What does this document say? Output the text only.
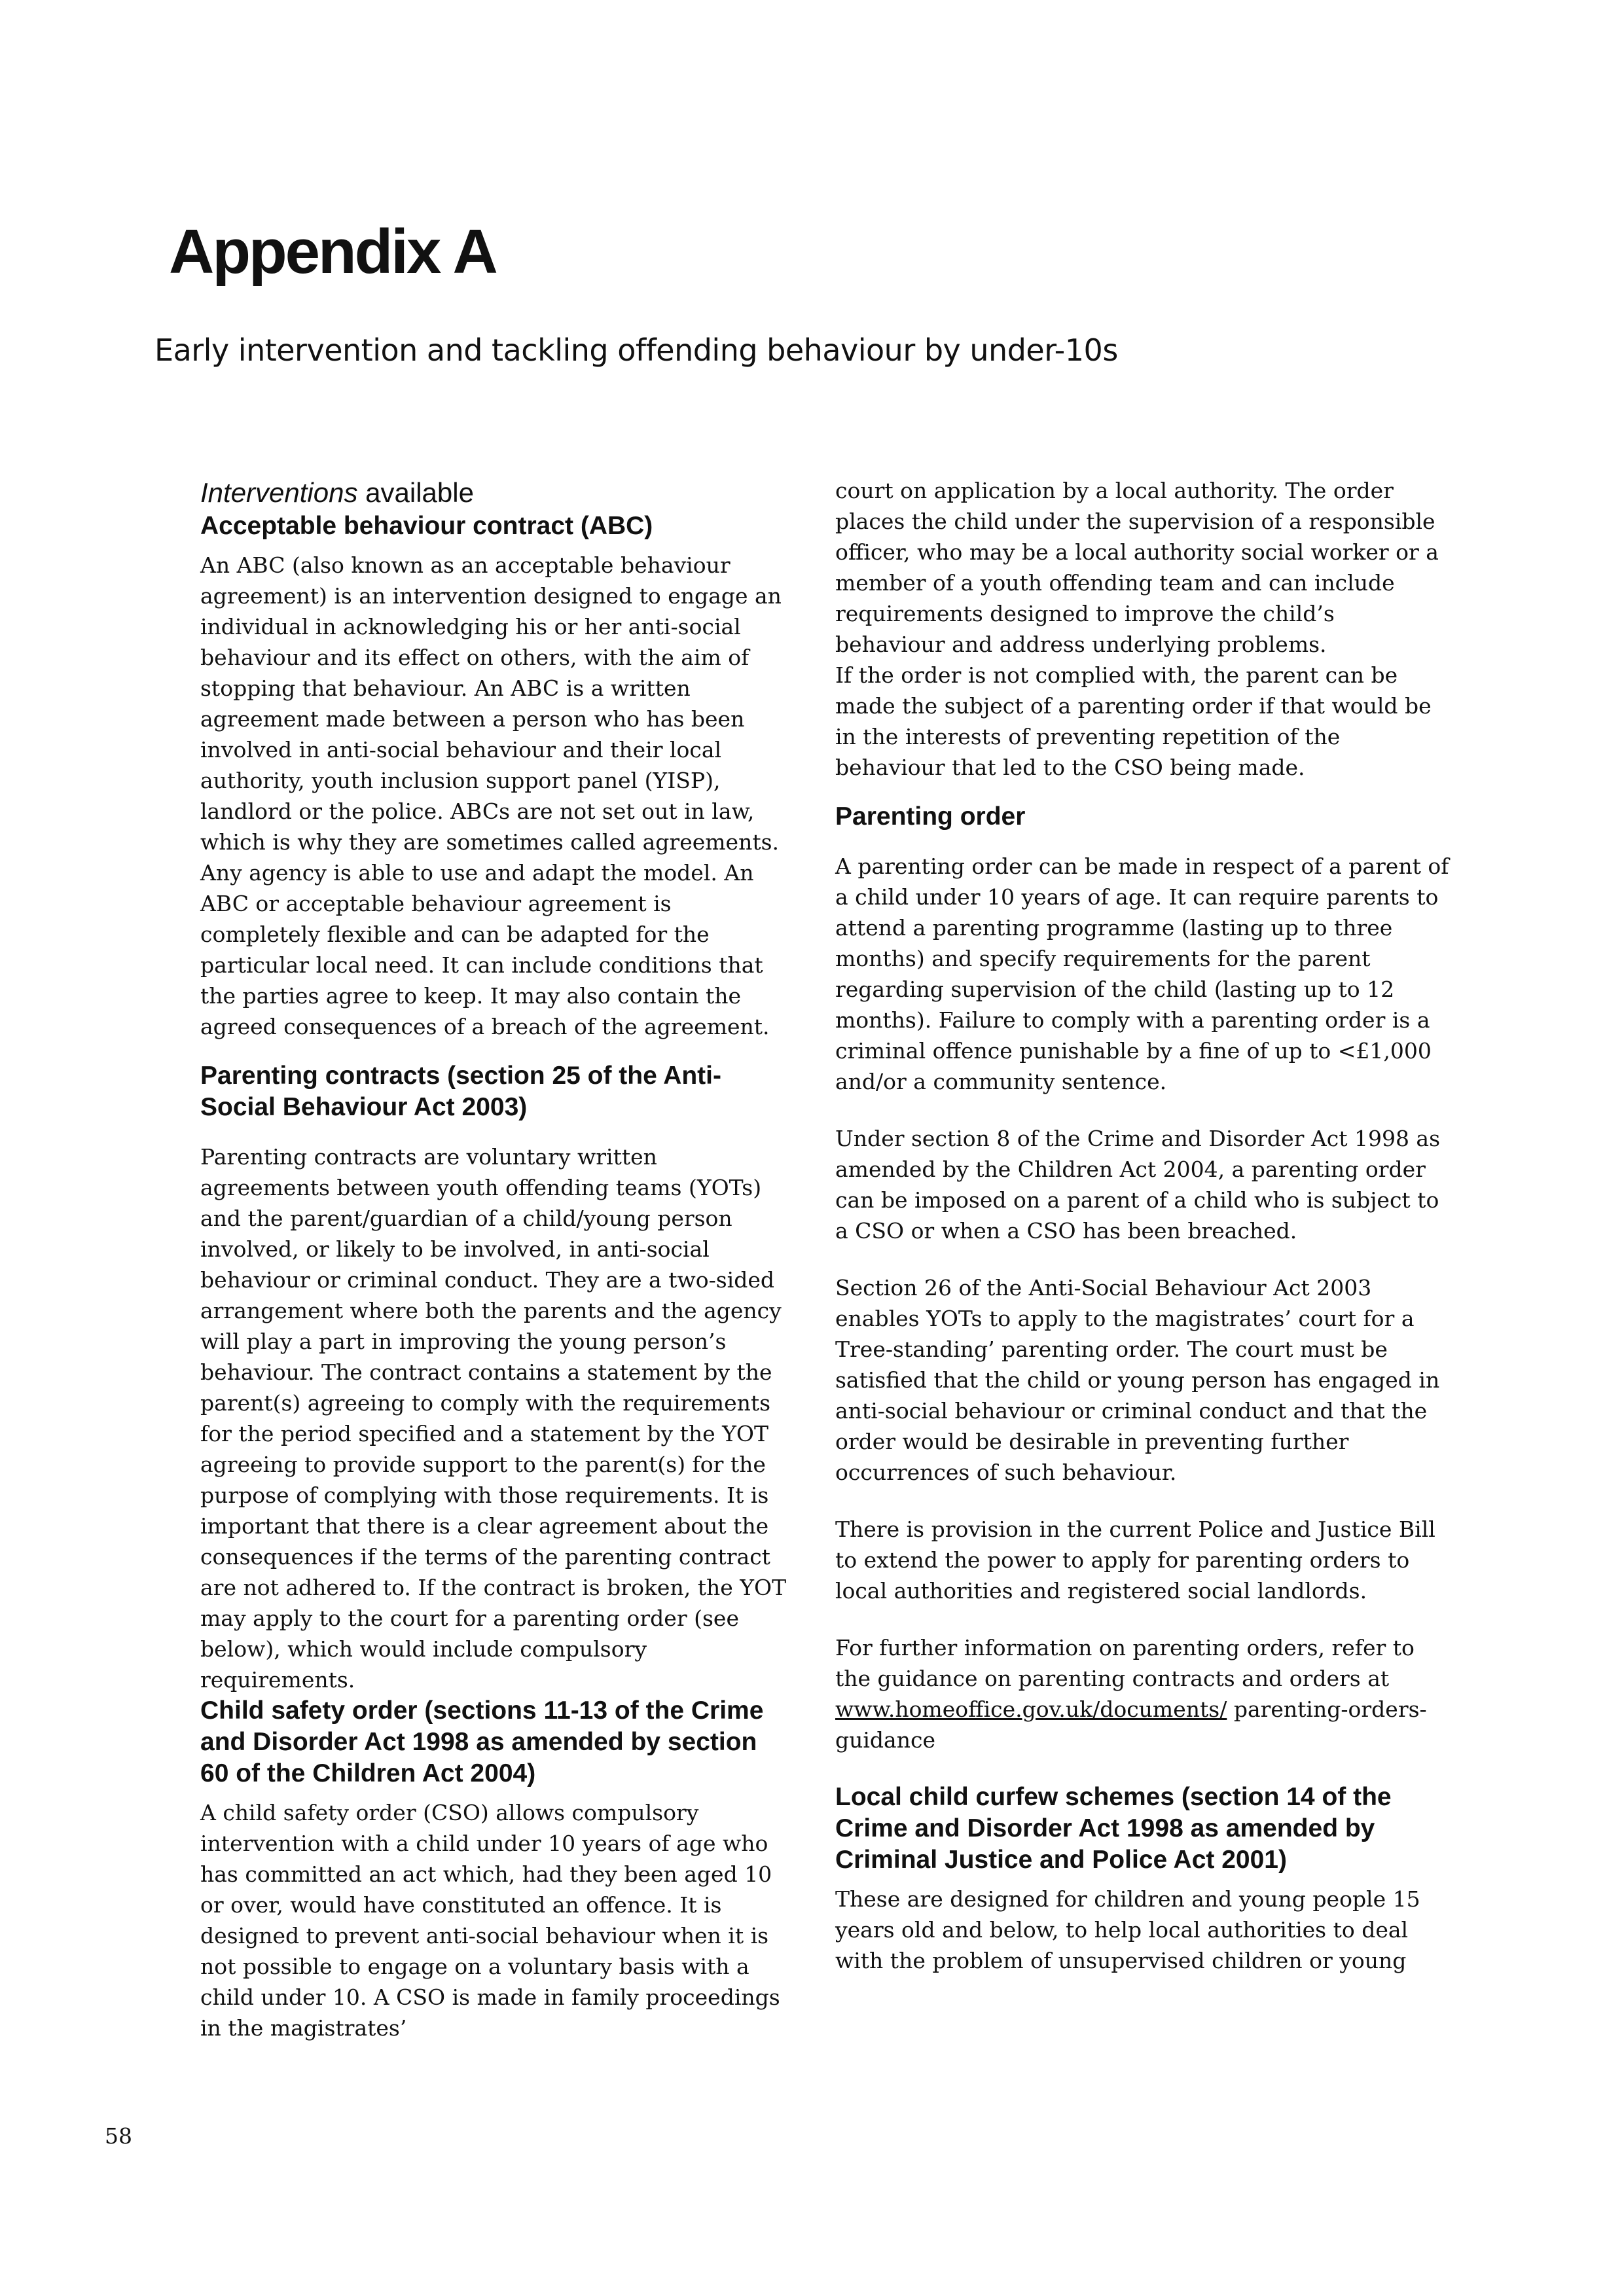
Appendix A
Early intervention and tackling offending behaviour by under-10s
Interventions available
Acceptable behaviour contract (ABC)

An ABC (also known as an acceptable behaviour agreement) is an intervention designed to engage an individual in acknowledging his or her anti-social behaviour and its effect on others, with the aim of stopping that behaviour. An ABC is a written agreement made between a person who has been involved in anti-social behaviour and their local authority, youth inclusion support panel (YISP), landlord or the police. ABCs are not set out in law, which is why they are sometimes called agreements. Any agency is able to use and adapt the model. An ABC or acceptable behaviour agreement is completely flexible and can be adapted for the particular local need. It can include conditions that the parties agree to keep. It may also contain the agreed consequences of a breach of the agreement.

Parenting contracts (section 25 of the Anti-Social Behaviour Act 2003)

Parenting contracts are voluntary written agreements between youth offending teams (YOTs) and the parent/guardian of a child/young person involved, or likely to be involved, in anti-social behaviour or criminal conduct. They are a two-sided arrangement where both the parents and the agency will play a part in improving the young person’s behaviour. The contract contains a statement by the parent(s) agreeing to comply with the requirements for the period specified and a statement by the YOT agreeing to provide support to the parent(s) for the purpose of complying with those requirements. It is important that there is a clear agreement about the consequences if the terms of the parenting contract are not adhered to. If the contract is broken, the YOT may apply to the court for a parenting order (see below), which would include compulsory requirements.

Child safety order (sections 11-13 of the Crime and Disorder Act 1998 as amended by section 60 of the Children Act 2004)

A child safety order (CSO) allows compulsory intervention with a child under 10 years of age who has committed an act which, had they been aged 10 or over, would have constituted an offence. It is designed to prevent anti-social behaviour when it is not possible to engage on a voluntary basis with a child under 10. A CSO is made in family proceedings in the magistrates’

court on application by a local authority. The order places the child under the supervision of a responsible officer, who may be a local authority social worker or a member of a youth offending team and can include requirements designed to improve the child’s behaviour and address underlying problems.

If the order is not complied with, the parent can be made the subject of a parenting order if that would be in the interests of preventing repetition of the behaviour that led to the CSO being made.

Parenting order

A parenting order can be made in respect of a parent of a child under 10 years of age. It can require parents to attend a parenting programme (lasting up to three months) and specify requirements for the parent regarding supervision of the child (lasting up to 12 months). Failure to comply with a parenting order is a criminal offence punishable by a fine of up to <£1,000 and/or a community sentence.

Under section 8 of the Crime and Disorder Act 1998 as amended by the Children Act 2004, a parenting order can be imposed on a parent of a child who is subject to a CSO or when a CSO has been breached.

Section 26 of the Anti-Social Behaviour Act 2003 enables YOTs to apply to the magistrates’ court for a Tree-standing’ parenting order. The court must be satisfied that the child or young person has engaged in anti-social behaviour or criminal conduct and that the order would be desirable in preventing further occurrences of such behaviour.

There is provision in the current Police and Justice Bill to extend the power to apply for parenting orders to local authorities and registered social landlords.

For further information on parenting orders, refer to the guidance on parenting contracts and orders at www.homeoffice.gov.uk/documents/ parenting-orders-guidance

Local child curfew schemes (section 14 of the Crime and Disorder Act 1998 as amended by Criminal Justice and Police Act 2001)

These are designed for children and young people 15 years old and below, to help local authorities to deal with the problem of unsupervised children or young

58
